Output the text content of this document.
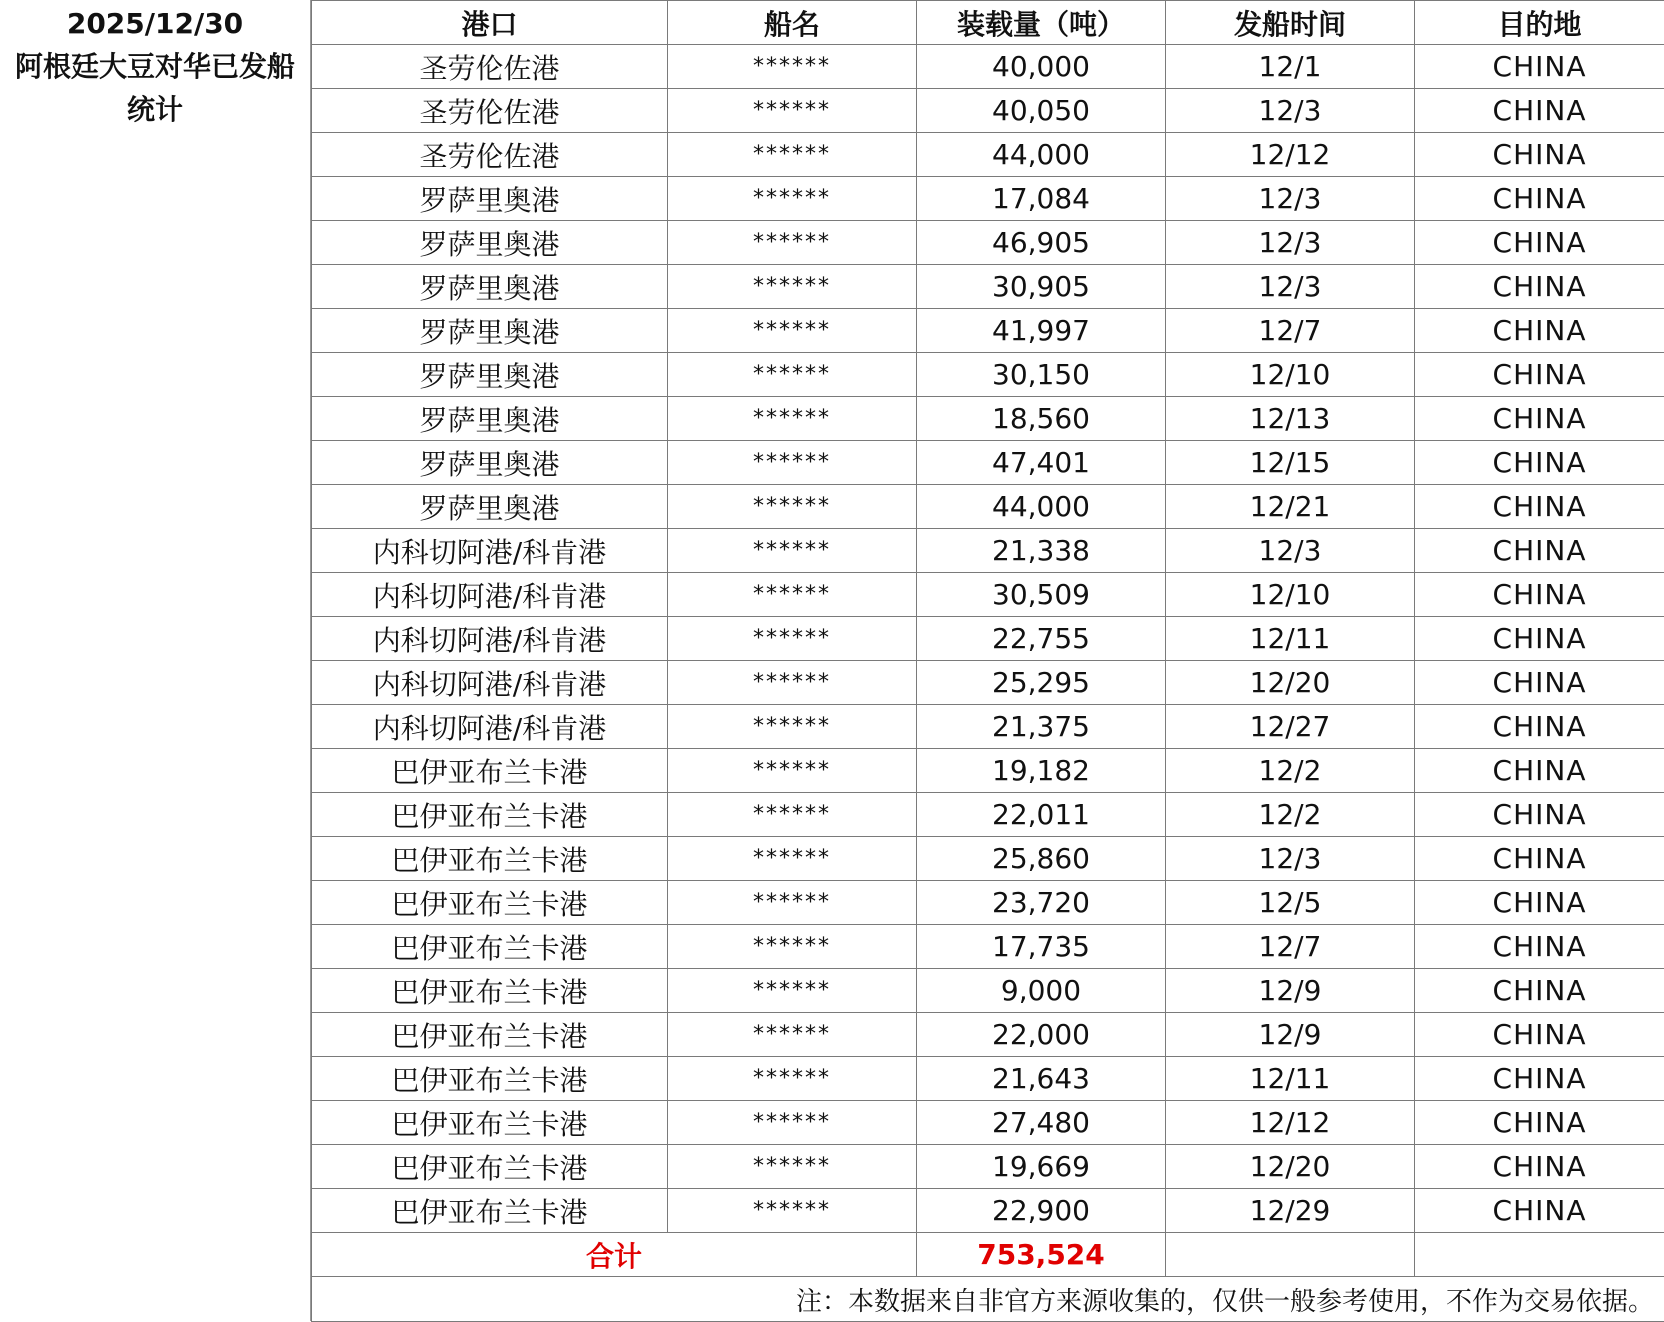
2025/12/30
阿根廷大豆对华已发船统计
港口	船名	装载量（吨）	发船时间	目的地
圣劳伦佐港	******	40,000	12/1	CHINA
圣劳伦佐港	******	40,050	12/3	CHINA
圣劳伦佐港	******	44,000	12/12	CHINA
罗萨里奥港	******	17,084	12/3	CHINA
罗萨里奥港	******	46,905	12/3	CHINA
罗萨里奥港	******	30,905	12/3	CHINA
罗萨里奥港	******	41,997	12/7	CHINA
罗萨里奥港	******	30,150	12/10	CHINA
罗萨里奥港	******	18,560	12/13	CHINA
罗萨里奥港	******	47,401	12/15	CHINA
罗萨里奥港	******	44,000	12/21	CHINA
内科切阿港/科肯港	******	21,338	12/3	CHINA
内科切阿港/科肯港	******	30,509	12/10	CHINA
内科切阿港/科肯港	******	22,755	12/11	CHINA
内科切阿港/科肯港	******	25,295	12/20	CHINA
内科切阿港/科肯港	******	21,375	12/27	CHINA
巴伊亚布兰卡港	******	19,182	12/2	CHINA
巴伊亚布兰卡港	******	22,011	12/2	CHINA
巴伊亚布兰卡港	******	25,860	12/3	CHINA
巴伊亚布兰卡港	******	23,720	12/5	CHINA
巴伊亚布兰卡港	******	17,735	12/7	CHINA
巴伊亚布兰卡港	******	9,000	12/9	CHINA
巴伊亚布兰卡港	******	22,000	12/9	CHINA
巴伊亚布兰卡港	******	21,643	12/11	CHINA
巴伊亚布兰卡港	******	27,480	12/12	CHINA
巴伊亚布兰卡港	******	19,669	12/20	CHINA
巴伊亚布兰卡港	******	22,900	12/29	CHINA
合计		753,524		
注：本数据来自非官方来源收集的，仅供一般参考使用，不作为交易依据。				
